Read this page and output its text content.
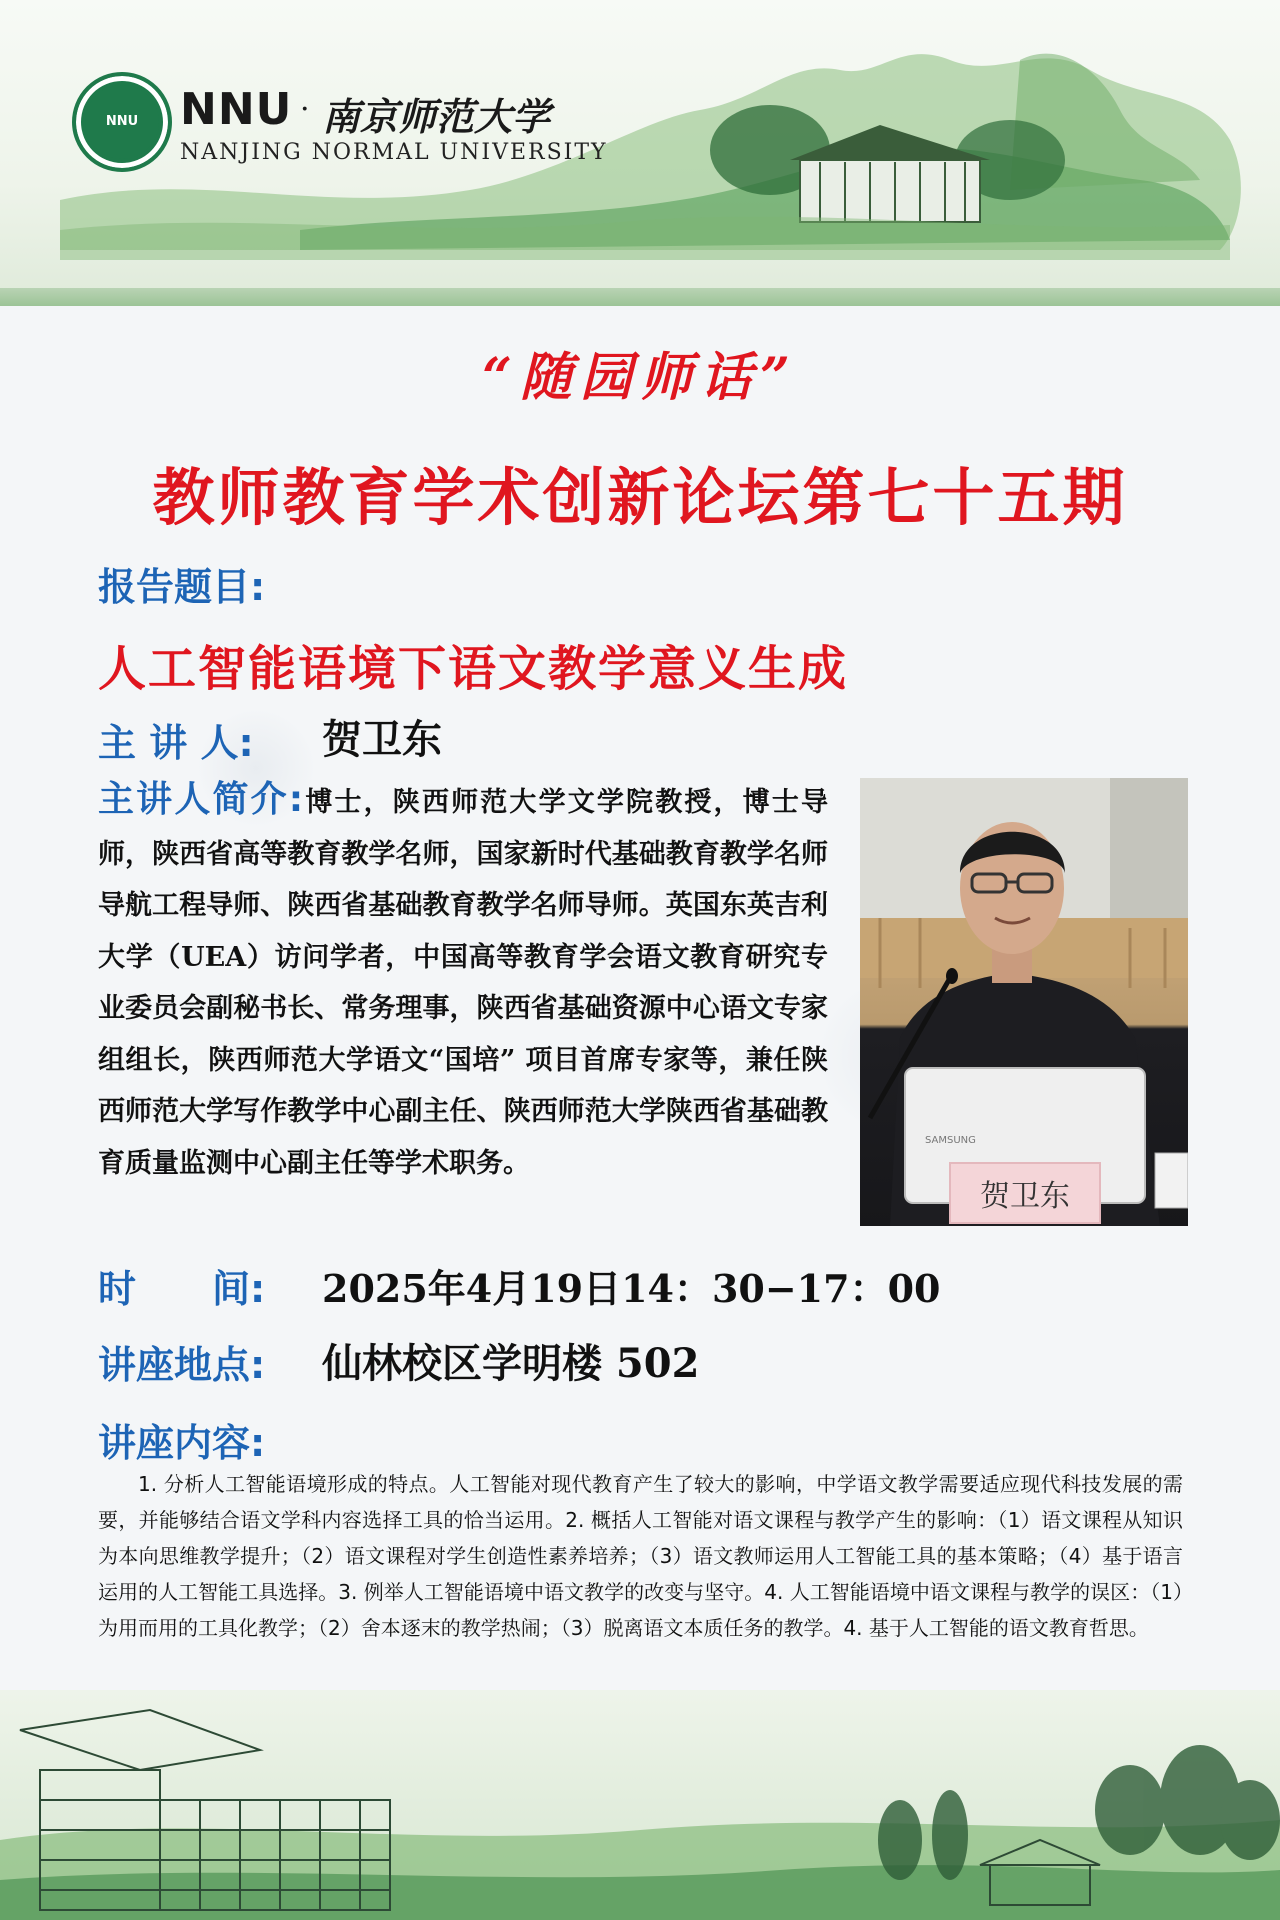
NNU NNU · 南京师范大学
NANJING NORMAL UNIVERSITY
“随园师话”
教师教育学术创新论坛第七十五期
报告题目:
人工智能语境下语文教学意义生成
主 讲 人: 贺卫东
主讲人简介:博士，陕西师范大学文学院教授，博士导师，陕西省高等教育教学名师，国家新时代基础教育教学名师导航工程导师、陕西省基础教育教学名师导师。英国东英吉利大学（UEA）访问学者，中国高等教育学会语文教育研究专业委员会副秘书长、常务理事，陕西省基础资源中心语文专家组组长，陕西师范大学语文“国培” 项目首席专家等，兼任陕西师范大学写作教学中心副主任、陕西师范大学陕西省基础教育质量监测中心副主任等学术职务。
SAMSUNG
贺卫东
时　　间: 2025年4月19日14：30−17：00
讲座地点: 仙林校区学明楼 502
讲座内容:
1. 分析人工智能语境形成的特点。人工智能对现代教育产生了较大的影响，中学语文教学需要适应现代科技发展的需要，并能够结合语文学科内容选择工具的恰当运用。2. 概括人工智能对语文课程与教学产生的影响：（1）语文课程从知识为本向思维教学提升；（2）语文课程对学生创造性素养培养；（3）语文教师运用人工智能工具的基本策略；（4）基于语言运用的人工智能工具选择。3. 例举人工智能语境中语文教学的改变与坚守。4. 人工智能语境中语文课程与教学的误区：（1）为用而用的工具化教学；（2）舍本逐末的教学热闹；（3）脱离语文本质任务的教学。4. 基于人工智能的语文教育哲思。
